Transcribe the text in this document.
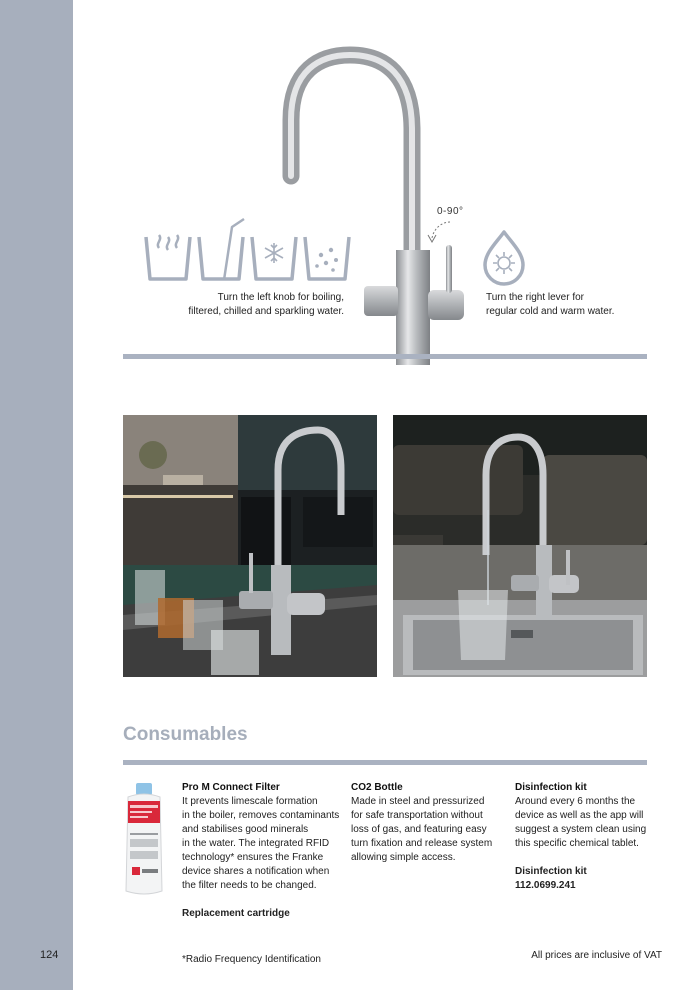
124
0-90°
Turn the left knob for boiling,
filtered, chilled and sparkling water.
Turn the right lever for
regular cold and warm water.
Consumables
Pro M Connect Filter

It prevents limescale formation

in the boiler, removes contaminants

and stabilises good minerals

in the water. The integrated RFID

technology* ensures the Franke

device shares a notification when

the filter needs to be changed.

Replacement cartridge

CO2 Bottle

Made in steel and pressurized

for safe transportation without

loss of gas, and featuring easy

turn fixation and release system

allowing simple access.

Disinfection kit

Around every 6 months the

device as well as the app will

suggest a system clean using

this specific chemical tablet.

Disinfection kit

112.0699.241

*Radio Frequency Identification	All prices are inclusive of VAT
